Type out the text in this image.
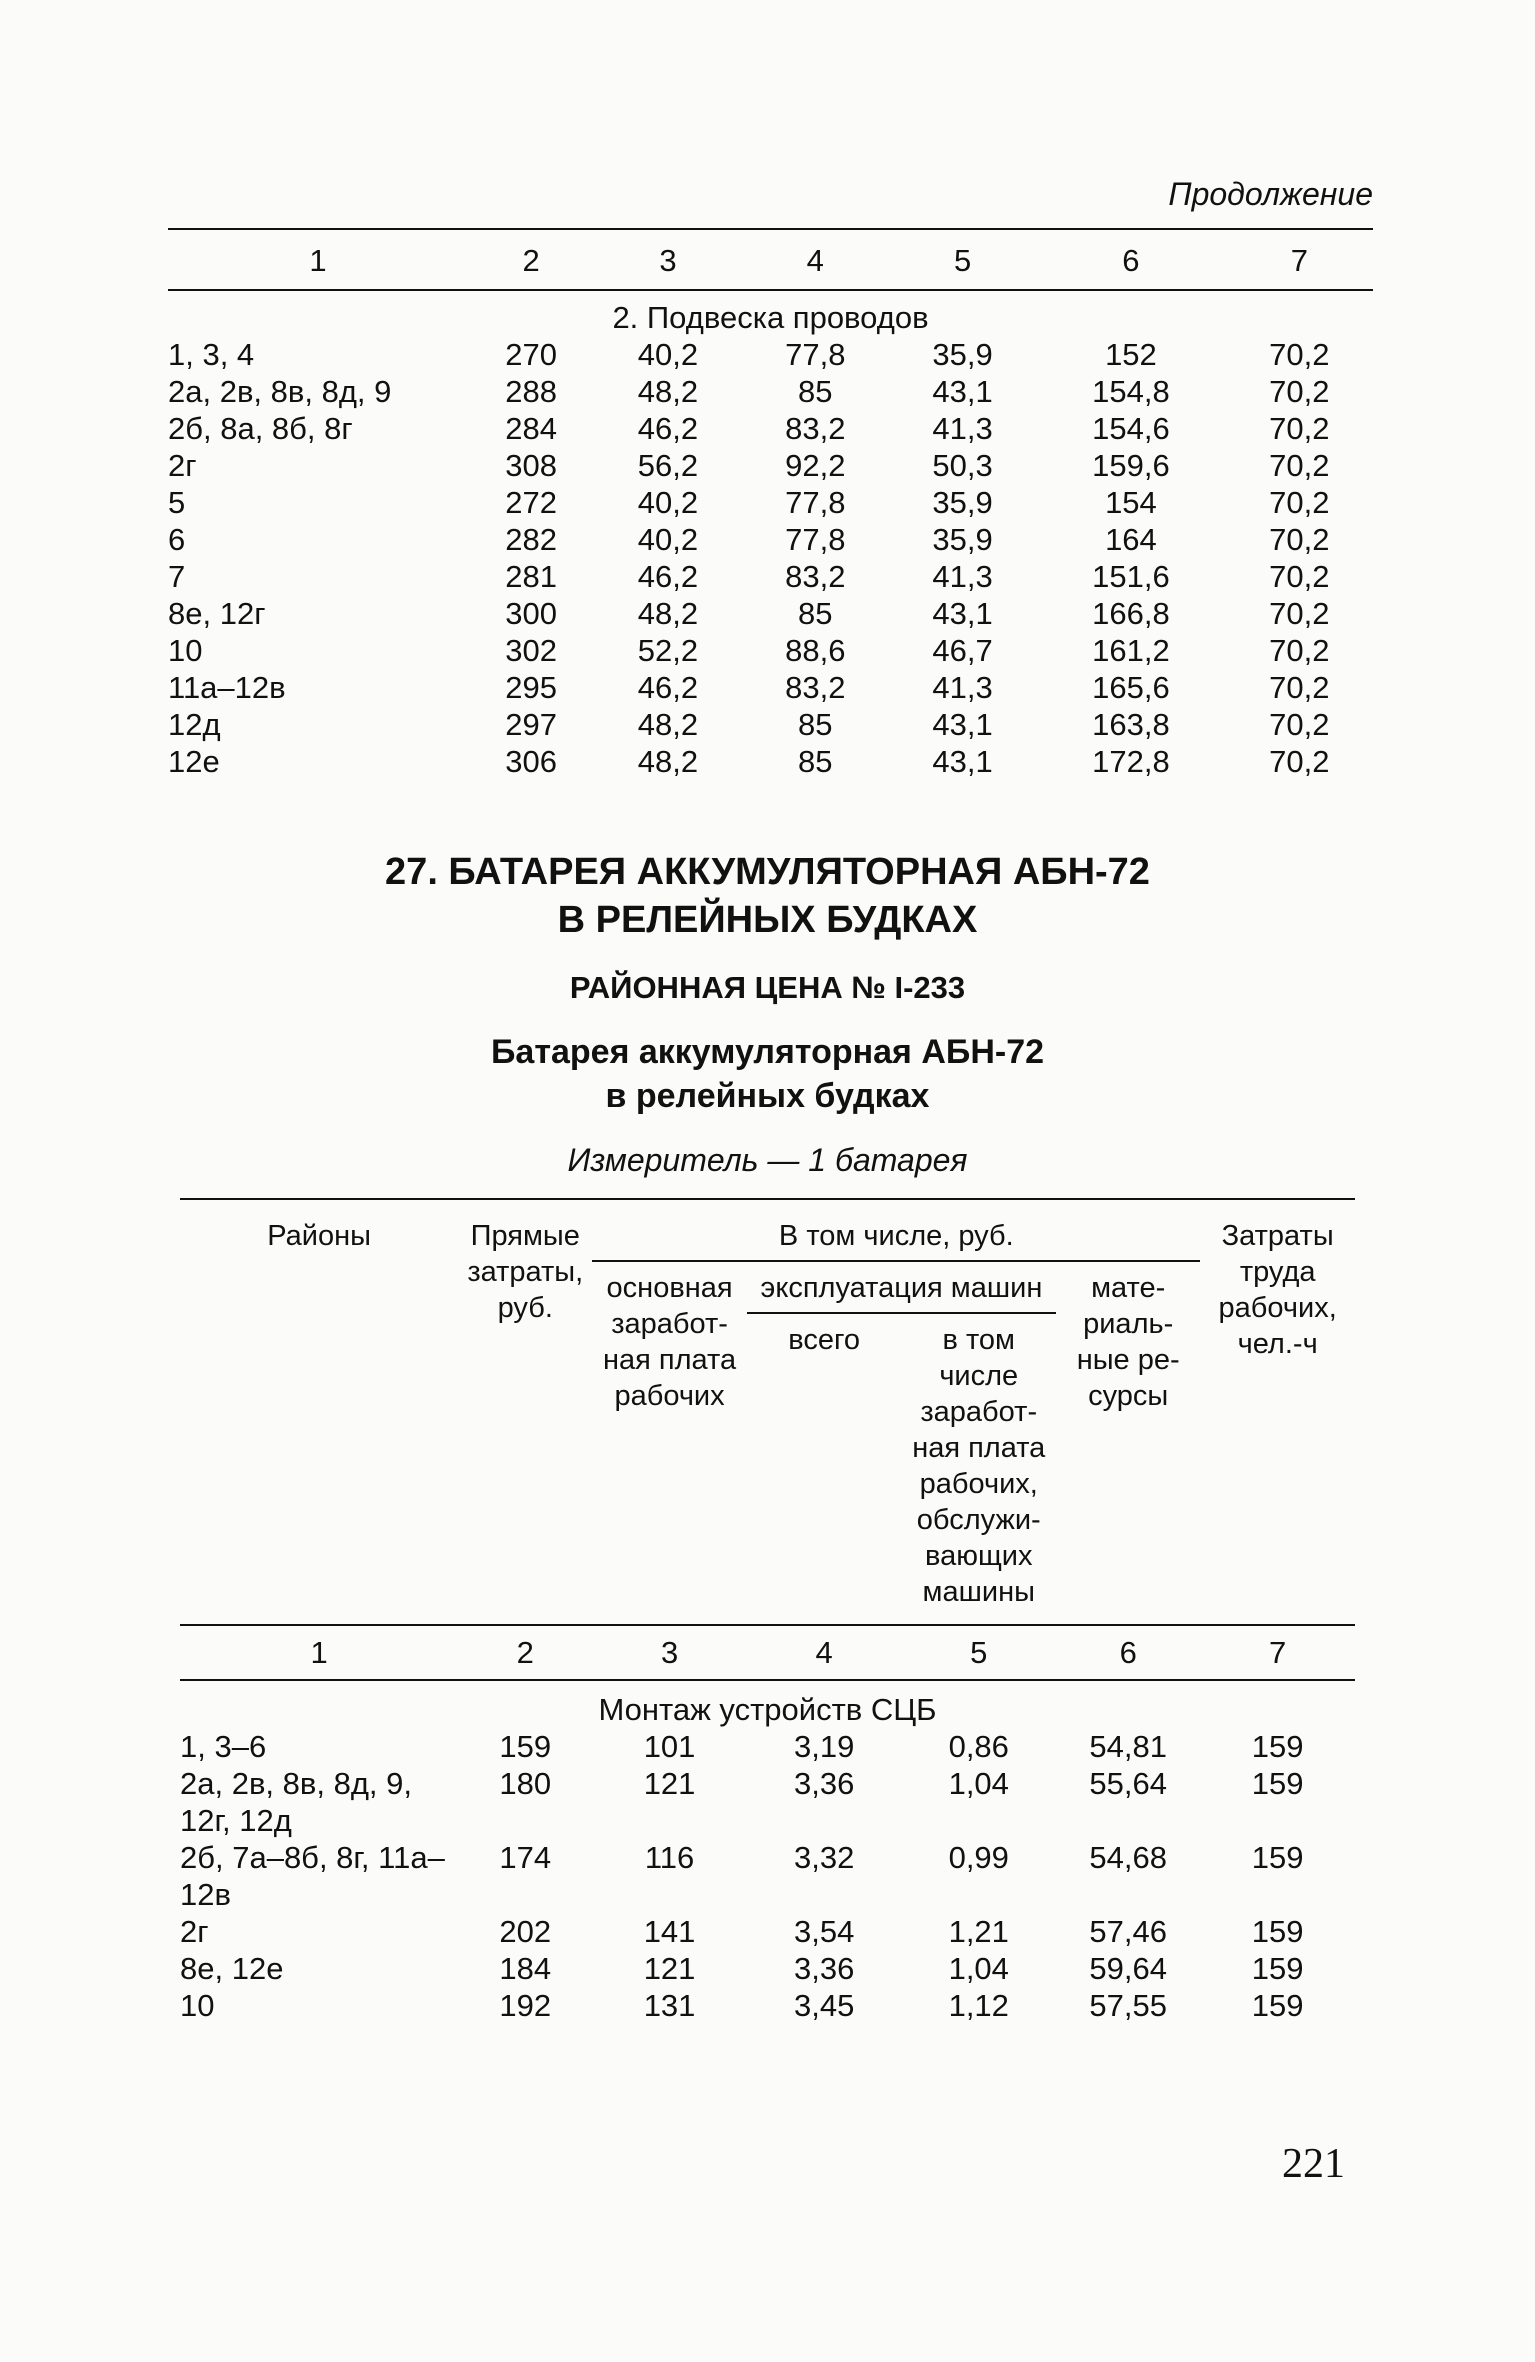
Продолжение
1	2	3	4	5	6	7
2. Подвеска проводов						
1, 3, 4	270	40,2	77,8	35,9	152	70,2
2а, 2в, 8в, 8д, 9	288	48,2	85	43,1	154,8	70,2
2б, 8а, 8б, 8г	284	46,2	83,2	41,3	154,6	70,2
2г	308	56,2	92,2	50,3	159,6	70,2
5	272	40,2	77,8	35,9	154	70,2
6	282	40,2	77,8	35,9	164	70,2
7	281	46,2	83,2	41,3	151,6	70,2
8е, 12г	300	48,2	85	43,1	166,8	70,2
10	302	52,2	88,6	46,7	161,2	70,2
11а–12в	295	46,2	83,2	41,3	165,6	70,2
12д	297	48,2	85	43,1	163,8	70,2
12е	306	48,2	85	43,1	172,8	70,2
27. БАТАРЕЯ АККУМУЛЯТОРНАЯ АБН-72
В РЕЛЕЙНЫХ БУДКАХ
РАЙОННАЯ ЦЕНА № I-233
Батарея аккумуляторная АБН-72
в релейных будках
Измеритель — 1 батарея

Районы	Прямые затраты, руб.	В том числе, руб.				Затраты труда рабочих, чел.-ч
		основная заработ- ная плата рабочих	эксплуатация машин		мате- риаль- ные ре- сурсы	
			всего	в том числе заработ- ная плата рабочих, обслужи- вающих машины		
1	2	3	4	5	6	7
Монтаж устройств СЦБ						
1, 3–6	159	101	3,19	0,86	54,81	159
2а, 2в, 8в, 8д, 9, 12г, 12д	180	121	3,36	1,04	55,64	159
2б, 7а–8б, 8г, 11а–12в	174	116	3,32	0,99	54,68	159
2г	202	141	3,54	1,21	57,46	159
8е, 12е	184	121	3,36	1,04	59,64	159
10	192	131	3,45	1,12	57,55	159
221
